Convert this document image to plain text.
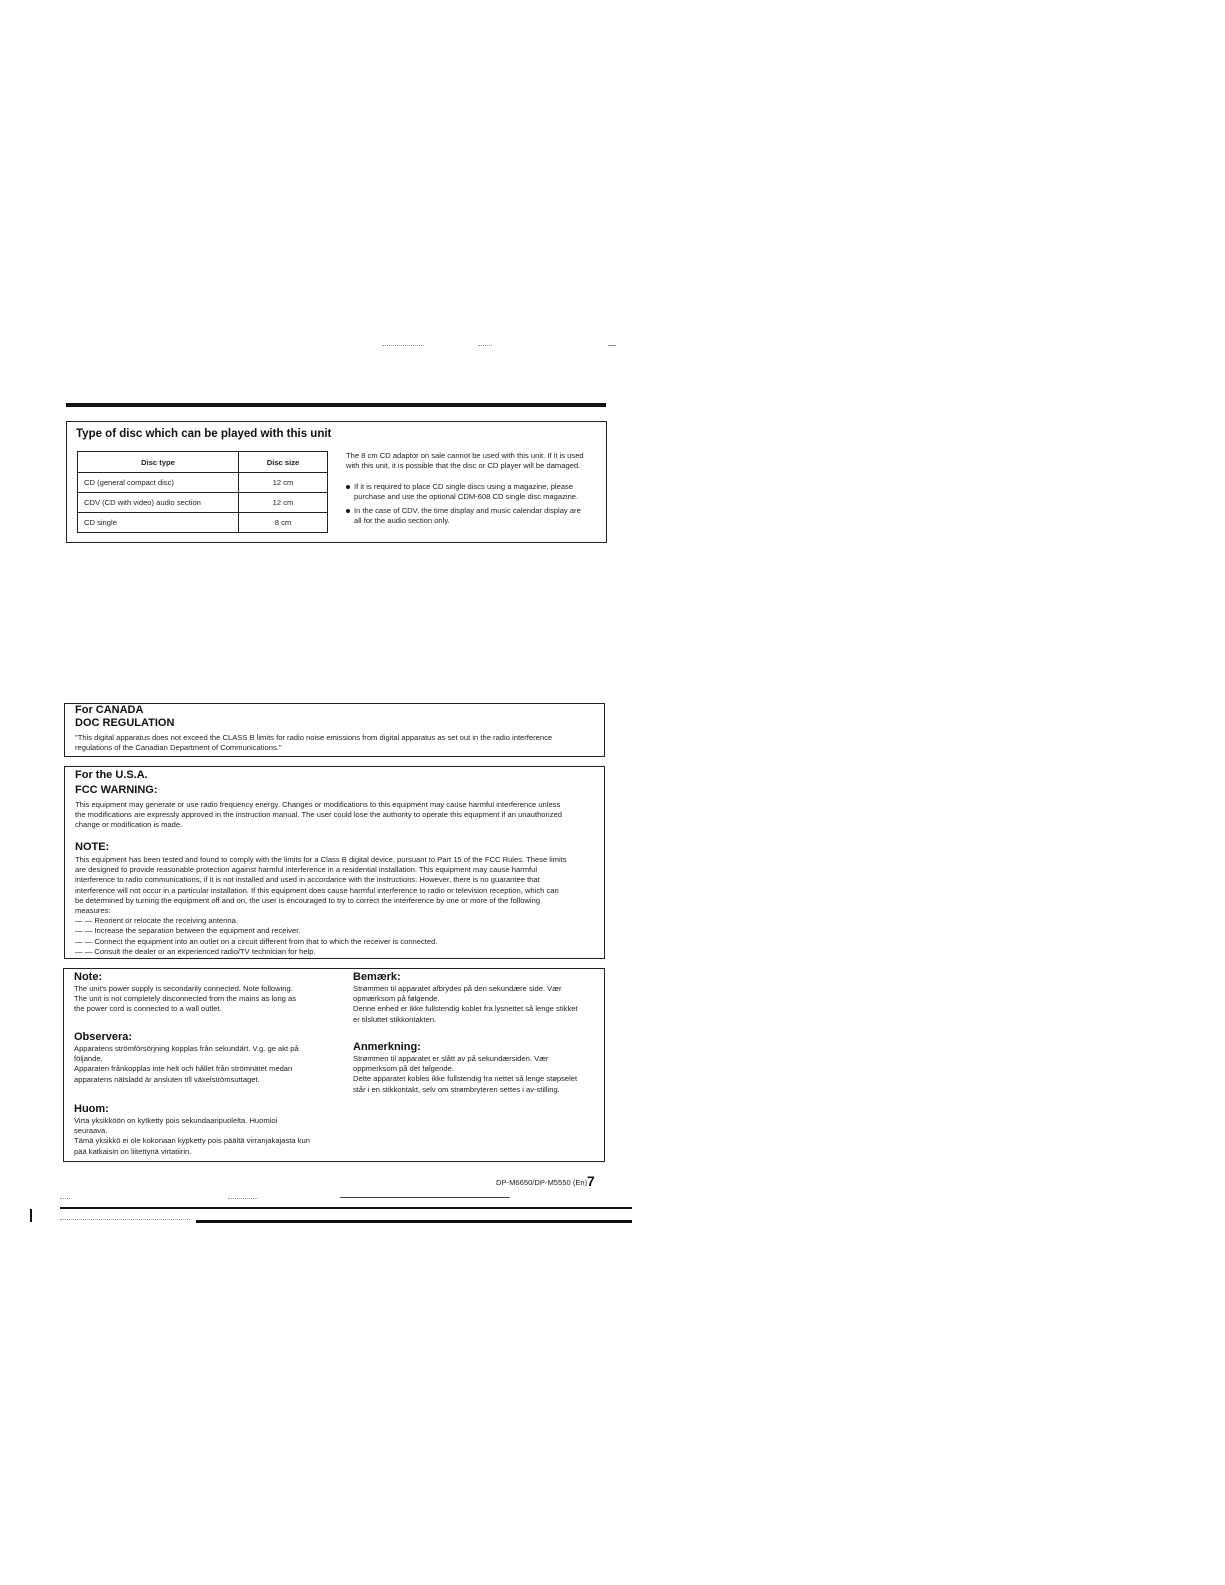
Type of disc which can be played with this unit
Disc type	Disc size
CD (general compact disc)	12 cm
CDV (CD with video) audio section	12 cm
CD single	8 cm
The 8 cm CD adaptor on sale cannot be used with this unit. If it is used
with this unit, it is possible that the disc or CD player will be damaged.
If it is required to place CD single discs using a magazine, please
purchase and use the optional CDM-608 CD single disc magazine.
In the case of CDV, the time display and music calendar display are
all for the audio section only.
For CANADA
DOC REGULATION
"This digital apparatus does not exceed the CLASS B limits for radio noise emissions from digital apparatus as set out in the radio interference
regulations of the Canadian Department of Communications."
For the U.S.A.
FCC WARNING:
This equipment may generate or use radio frequency energy. Changes or modifications to this equipment may cause harmful interference unless
the modifications are expressly approved in the instruction manual. The user could lose the authority to operate this equipment if an unauthorized
change or modification is made.
NOTE:
This equipment has been tested and found to comply with the limits for a Class B digital device, pursuant to Part 15 of the FCC Rules. These limits
are designed to provide reasonable protection against harmful interference in a residential installation. This equipment may cause harmful
interference to radio communications, if it is not installed and used in accordance with the instructions. However, there is no guarantee that
interference will not occur in a particular installation. If this equipment does cause harmful interference to radio or television reception, which can
be determined by turning the equipment off and on, the user is encouraged to try to correct the interference by one or more of the following
measures:
— — Reorient or relocate the receiving antenna.
— — Increase the separation between the equipment and receiver.
— — Connect the equipment into an outlet on a circuit different from that to which the receiver is connected.
— — Consult the dealer or an experienced radio/TV technician for help.
Note:
The unit's power supply is secondarily connected. Note following.
The unit is not completely disconnected from the mains as long as
the power cord is connected to a wall outlet.
Observera:
Apparatens strömförsörjning kopplas från sekundärt. V.g. ge akt på
följande.
Apparaten frånkopplas inte helt och hållet från strömnätet medan
apparatens nätsladd är ansluten till växelströmsuttaget.
Huom:
Virta yksikköön on kytketty pois sekundaaripuolelta. Huomioi
seuraava.
Tämä yksikkö ei ole kokonaan kypketty pois päältä virranjakajasta kun
pää katkaisin on liitettynä virtatiirin.
Bemærk:
Strømmen til apparatet afbrydes på den sekundære side. Vær
opmærksom på følgende.
Denne enhed er ikke fullstendig koblet fra lysnettet så lenge stikket
er tilsluttet stikkontakten.
Anmerkning:
Strømmen til apparatet er slått av på sekundærsiden. Vær
oppmerksom på det følgende.
Dette apparatet kobles ikke fullstendig fra nettet så lenge støpselet
står i en stikkontakt, selv om strømbryteren settes i av-stilling.
DP-M6650/DP-M5550 (En) 7
